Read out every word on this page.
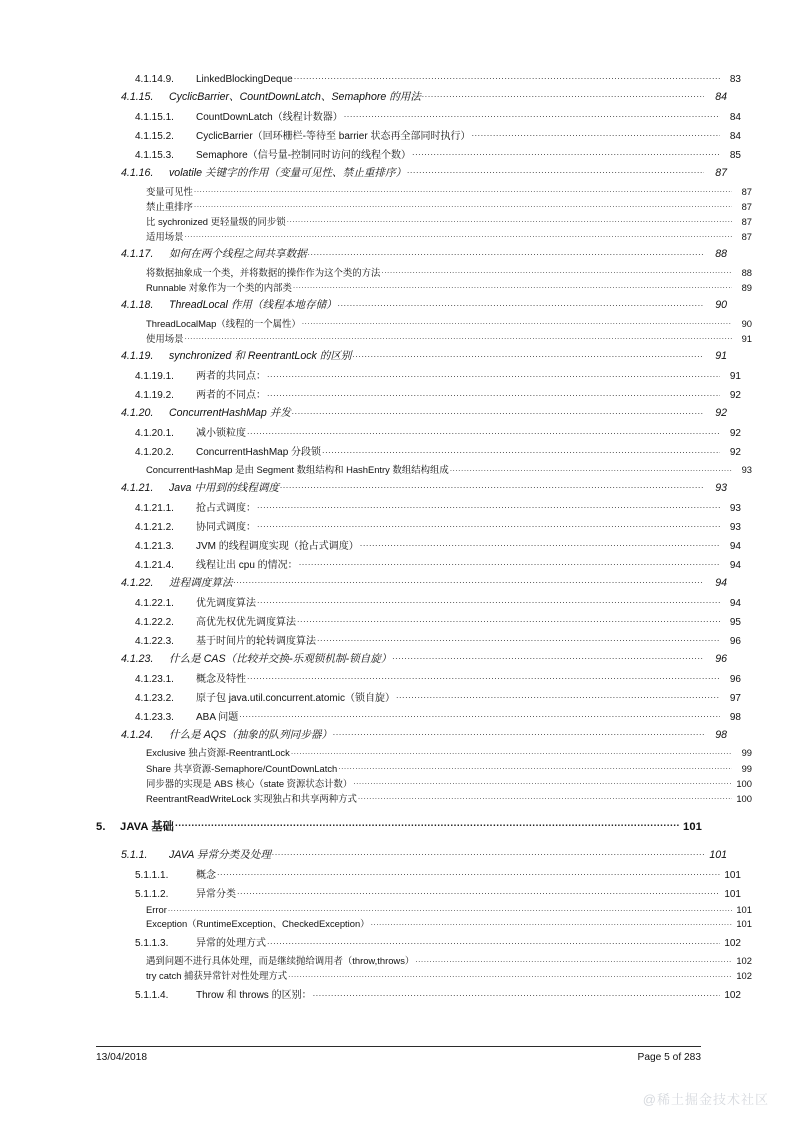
4.1.14.9.	LinkedBlockingDeque .....	83
4.1.15.	CyclicBarrier、CountDownLatch、Semaphore 的用法 .....	84
4.1.15.1.	CountDownLatch（线程计数器） .....	84
4.1.15.2.	CyclicBarrier（回环栅栏-等待至 barrier 状态再全部同时执行） .....	84
4.1.15.3.	Semaphore（信号量-控制同时访问的线程个数） .....	85
4.1.16.	volatile 关键字的作用（变量可见性、禁止重排序） .....	87
变量可见性 .....	87
禁止重排序 .....	87
比 sychronized 更轻量级的同步锁 .....	87
适用场景 .....	87
4.1.17.	如何在两个线程之间共享数据 .....	88
将数据抽象成一个类，并将数据的操作作为这个类的方法 .....	88
Runnable 对象作为一个类的内部类 .....	89
4.1.18.	ThreadLocal 作用（线程本地存储） .....	90
ThreadLocalMap（线程的一个属性） .....	90
使用场景 .....	91
4.1.19.	synchronized 和 ReentrantLock 的区别 .....	91
4.1.19.1.	两者的共同点： .....	91
4.1.19.2.	两者的不同点： .....	92
4.1.20.	ConcurrentHashMap 并发 .....	92
4.1.20.1.	减小锁粒度 .....	92
4.1.20.2.	ConcurrentHashMap 分段锁 .....	92
ConcurrentHashMap 是由 Segment 数组结构和 HashEntry 数组结构组成 .....	93
4.1.21.	Java 中用到的线程调度 .....	93
4.1.21.1.	抢占式调度： .....	93
4.1.21.2.	协同式调度： .....	93
4.1.21.3.	JVM 的线程调度实现（抢占式调度） .....	94
4.1.21.4.	线程让出 cpu 的情况： .....	94
4.1.22.	进程调度算法 .....	94
4.1.22.1.	优先调度算法 .....	94
4.1.22.2.	高优先权优先调度算法 .....	95
4.1.22.3.	基于时间片的轮转调度算法 .....	96
4.1.23.	什么是 CAS（比较并交换-乐观锁机制-锁自旋） .....	96
4.1.23.1.	概念及特性 .....	96
4.1.23.2.	原子包 java.util.concurrent.atomic（锁自旋） .....	97
4.1.23.3.	ABA 问题 .....	98
4.1.24.	什么是 AQS（抽象的队列同步器） .....	98
Exclusive 独占资源-ReentrantLock .....	99
Share 共享资源-Semaphore/CountDownLatch .....	99
同步器的实现是 ABS 核心（state 资源状态计数） .....	100
ReentrantReadWriteLock 实现独占和共享两种方式 .....	100
5.	JAVA 基础 .....	101
5.1.1.	JAVA 异常分类及处理 .....	101
5.1.1.1.	概念 .....	101
5.1.1.2.	异常分类 .....	101
Error .....	101
Exception（RuntimeException、CheckedException） .....	101
5.1.1.3.	异常的处理方式 .....	102
遇到问题不进行具体处理，而是继续抛给调用者（throw,throws） .....	102
try catch 捕获异常针对性处理方式 .....	102
5.1.1.4.	Throw 和 throws 的区别： .....	102
13/04/2018	Page 5 of 283
@稀土掘金技术社区
